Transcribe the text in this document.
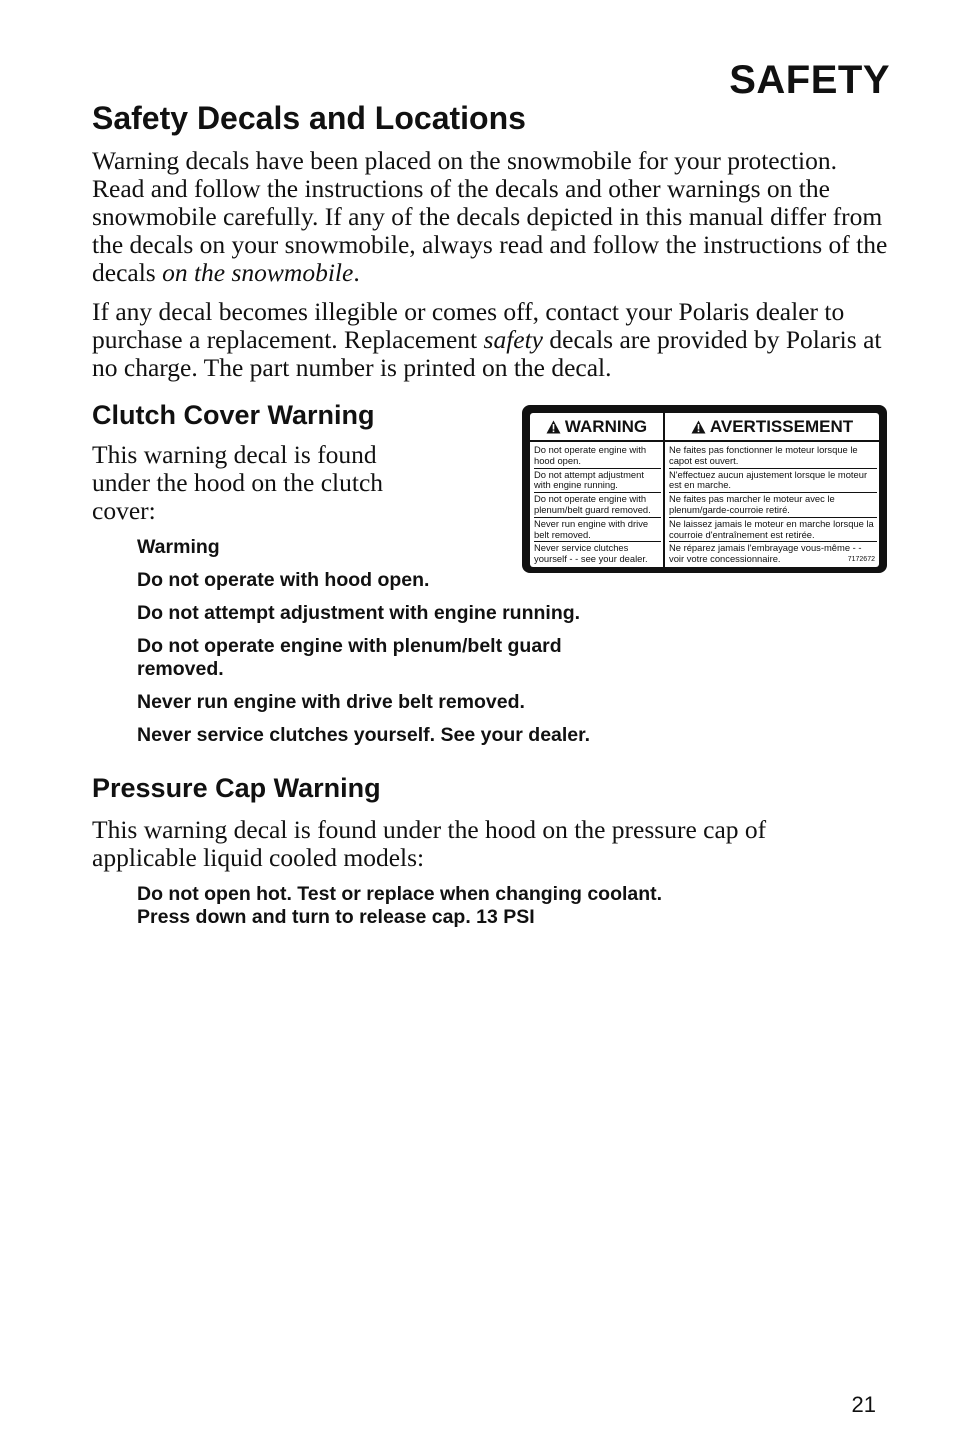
SAFETY
Safety Decals and Locations

Warning decals have been placed on the snowmobile for your protection. Read and follow the instructions of the decals and other warnings on the snowmobile carefully. If any of the decals depicted in this manual differ from the decals on your snowmobile, always read and follow the instructions of the decals on the snowmobile.

If any decal becomes illegible or comes off, contact your Polaris dealer to purchase a replacement. Replacement safety decals are provided by Polaris at no charge. The part number is printed on the decal.

Clutch Cover Warning

This warning decal is found under the hood on the clutch cover:

WARNING
Do not operate engine with hood open.
Do not attempt adjustment with engine running.
Do not operate engine with plenum/belt guard removed.
Never run engine with drive belt removed.
Never service clutches yourself - - see your dealer.
AVERTISSEMENT
Ne faites pas fonctionner le moteur lorsque le capot est ouvert.
N'effectuez aucun ajustement lorsque le moteur est en marche.
Ne faites pas marcher le moteur avec le plenum/garde-courroie retiré.
Ne laissez jamais le moteur en marche lorsque la courroie d'entraînement est retirée.
Ne réparez jamais l'embrayage vous-même - - voir votre concessionnaire.	7172672
Warming
Do not operate with hood open.
Do not attempt adjustment with engine running.
Do not operate engine with plenum/belt guard removed.
Never run engine with drive belt removed.
Never service clutches yourself. See your dealer.
Pressure Cap Warning

This warning decal is found under the hood on the pressure cap of applicable liquid cooled models:

Do not open hot. Test or replace when changing coolant. Press down and turn to release cap. 13 PSI
21
